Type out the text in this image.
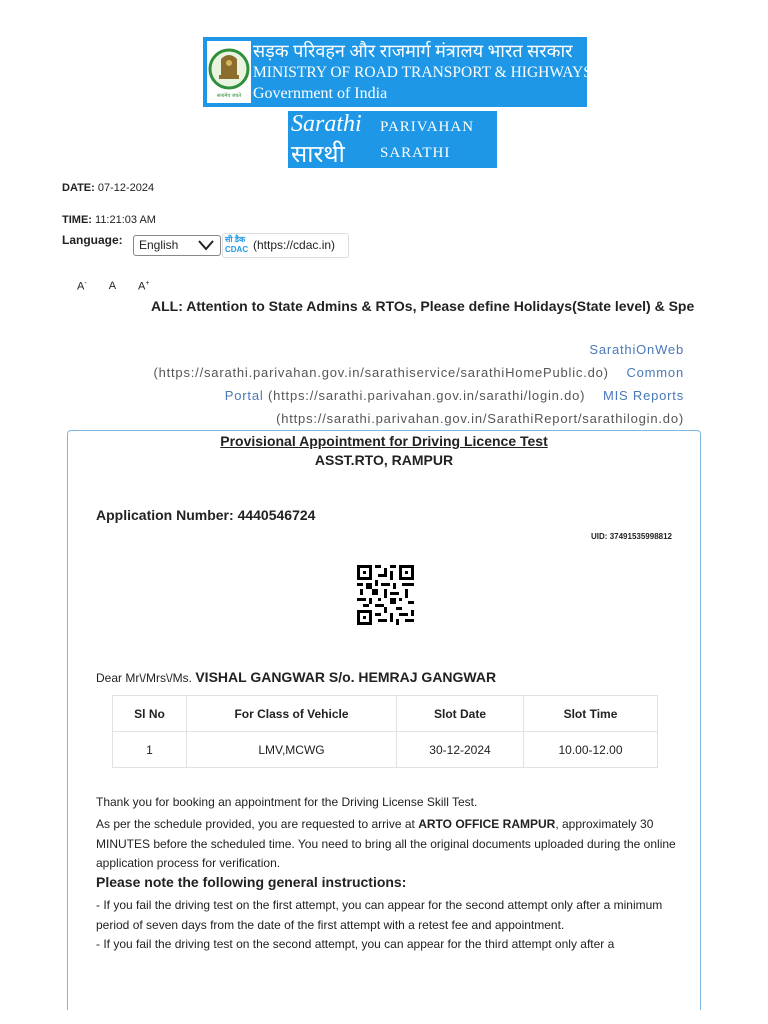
सत्यमेव जयते
सड़क परिवहन और राजमार्ग मंत्रालय भारत सरकार
MINISTRY OF ROAD TRANSPORT & HIGHWAYS
Government of India
Sarathi
सारथी
PARIVAHAN
SARATHI
DATE: 07-12-2024
TIME: 11:21:03 AM
Language:	English	सी डैक
CDAC (https://cdac.in)
A- A A+
ALL: Attention to State Admins & RTOs, Please define Holidays(State level) & Spe
SarathiOnWeb
(https://sarathi.parivahan.gov.in/sarathiservice/sarathiHomePublic.do) Common
Portal (https://sarathi.parivahan.gov.in/sarathi/login.do) MIS Reports
(https://sarathi.parivahan.gov.in/SarathiReport/sarathilogin.do)
Provisional Appointment for Driving Licence Test
ASST.RTO, RAMPUR
Application Number: 4440546724
UID: 37491535998812
Dear Mr\/Mrs\/Ms. VISHAL GANGWAR S/o. HEMRAJ GANGWAR
Sl No	For Class of Vehicle	Slot Date	Slot Time
1	LMV,MCWG	30-12-2024	10.00-12.00
Thank you for booking an appointment for the Driving License Skill Test.
As per the schedule provided, you are requested to arrive at ARTO OFFICE RAMPUR, approximately 30 MINUTES before the scheduled time. You need to bring all the original documents uploaded during the online application process for verification.
Please note the following general instructions:
- If you fail the driving test on the first attempt, you can appear for the second attempt only after a minimum period of seven days from the date of the first attempt with a retest fee and appointment.
- If you fail the driving test on the second attempt, you can appear for the third attempt only after a
